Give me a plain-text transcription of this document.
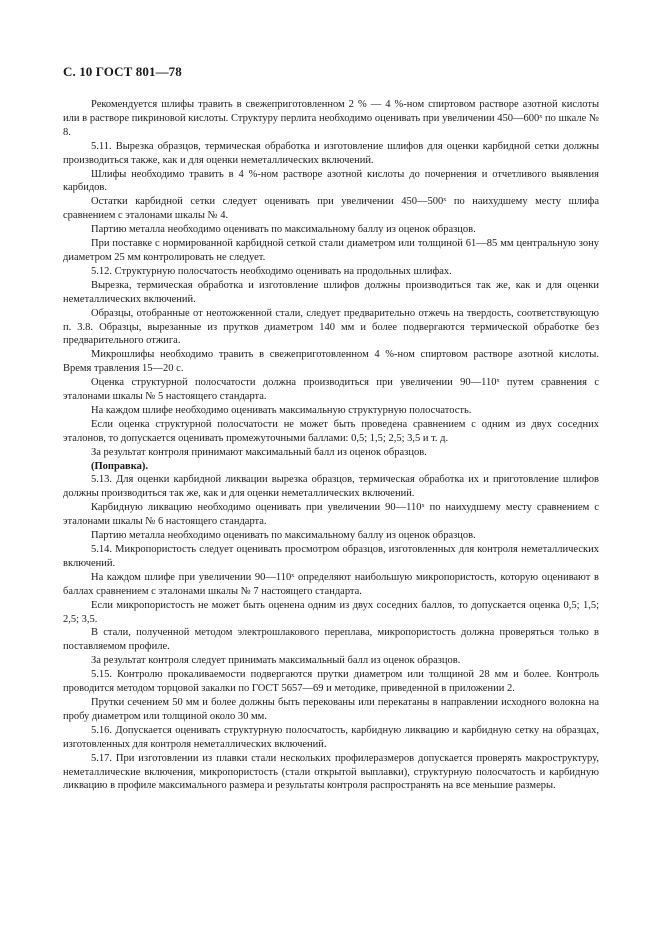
С. 10 ГОСТ 801—78

Рекомендуется шлифы травить в свежеприготовленном 2 % — 4 %-ном спиртовом растворе азотной кислоты или в растворе пикриновой кислоты. Структуру перлита необходимо оценивать при увеличении 450—600ˣ по шкале № 8.

5.11. Вырезка образцов, термическая обработка и изготовление шлифов для оценки карбидной сетки должны производиться также, как и для оценки неметаллических включений.

Шлифы необходимо травить в 4 %-ном растворе азотной кислоты до почернения и отчетливого выявления карбидов.

Остатки карбидной сетки следует оценивать при увеличении 450—500ˣ по наихудшему месту шлифа сравнением с эталонами шкалы № 4.

Партию металла необходимо оценивать по максимальному баллу из оценок образцов.

При поставке с нормированной карбидной сеткой стали диаметром или толщиной 61—85 мм центральную зону диаметром 25 мм контролировать не следует.

5.12. Структурную полосчатость необходимо оценивать на продольных шлифах.

Вырезка, термическая обработка и изготовление шлифов должны производиться так же, как и для оценки неметаллических включений.

Образцы, отобранные от неотожженной стали, следует предварительно отжечь на твердость, соответствующую п. 3.8. Образцы, вырезанные из прутков диаметром 140 мм и более подвергаются термической обработке без предварительного отжига.

Микрошлифы необходимо травить в свежеприготовленном 4 %-ном спиртовом растворе азотной кислоты. Время травления 15—20 с.

Оценка структурной полосчатости должна производиться при увеличении 90—110ˣ путем сравнения с эталонами шкалы № 5 настоящего стандарта.

На каждом шлифе необходимо оценивать максимальную структурную полосчатость.

Если оценка структурной полосчатости не может быть проведена сравнением с одним из двух соседних эталонов, то допускается оценивать промежуточными баллами: 0,5; 1,5; 2,5; 3,5 и т. д.

За результат контроля принимают максимальный балл из оценок образцов.

(Поправка).

5.13. Для оценки карбидной ликвации вырезка образцов, термическая обработка их и приготовление шлифов должны производиться так же, как и для оценки неметаллических включений.

Карбидную ликвацию необходимо оценивать при увеличении 90—110ˣ по наихудшему месту сравнением с эталонами шкалы № 6 настоящего стандарта.

Партию металла необходимо оценивать по максимальному баллу из оценок образцов.

5.14. Микропористость следует оценивать просмотром образцов, изготовленных для контроля неметаллических включений.

На каждом шлифе при увеличении 90—110ˣ определяют наибольшую микропористость, которую оценивают в баллах сравнением с эталонами шкалы № 7 настоящего стандарта.

Если микропористость не может быть оценена одним из двух соседних баллов, то допускается оценка 0,5; 1,5; 2,5; 3,5.

В стали, полученной методом электрошлакового переплава, микропористость должна проверяться только в поставляемом профиле.

За результат контроля следует принимать максимальный балл из оценок образцов.

5.15. Контролю прокаливаемости подвергаются прутки диаметром или толщиной 28 мм и более. Контроль проводится методом торцовой закалки по ГОСТ 5657—69 и методике, приведенной в приложении 2.

Прутки сечением 50 мм и более должны быть перекованы или перекатаны в направлении исходного волокна на пробу диаметром или толщиной около 30 мм.

5.16. Допускается оценивать структурную полосчатость, карбидную ликвацию и карбидную сетку на образцах, изготовленных для контроля неметаллических включений.

5.17. При изготовлении из плавки стали нескольких профилеразмеров допускается проверять макроструктуру, неметаллические включения, микропористость (стали открытой выплавки), структурную полосчатость и карбидную ликвацию в профиле максимального размера и результаты контроля распространять на все меньшие размеры.
